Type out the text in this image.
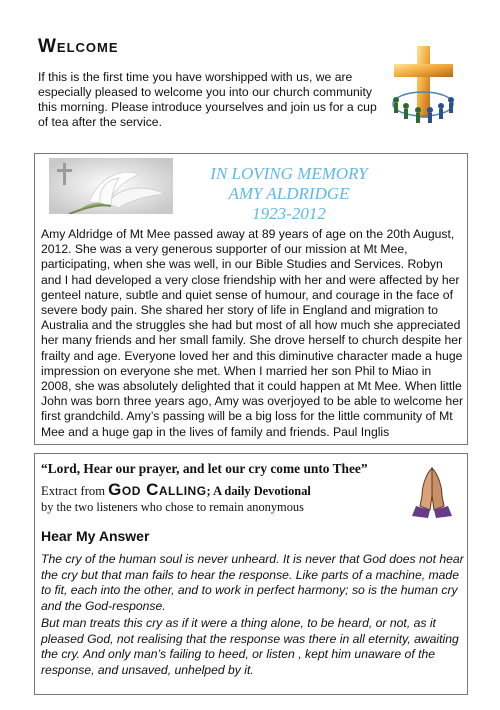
Welcome

If this is the first time you have worshipped with us, we are especially pleased to welcome you into our church community this morning. Please introduce yourselves and join us for a cup of tea after the service.

IN LOVING MEMORY
AMY ALDRIDGE
1923-2012

Amy Aldridge of Mt Mee passed away at 89 years of age on the 20th August, 2012. She was a very generous supporter of our mission at Mt Mee, participating, when she was well, in our Bible Studies and Services. Robyn and I had developed a very close friendship with her and were affected by her genteel nature, subtle and quiet sense of humour, and courage in the face of severe body pain. She shared her story of life in England and migration to Australia and the struggles she had but most of all how much she appreciated her many friends and her small family. She drove herself to church despite her frailty and age. Everyone loved her and this diminutive character made a huge impression on everyone she met. When I married her son Phil to Miao in 2008, she was absolutely delighted that it could happen at Mt Mee. When little John was born three years ago, Amy was overjoyed to be able to welcome her first grandchild. Amy’s passing will be a big loss for the little community of Mt Mee and a huge gap in the lives of family and friends. Paul Inglis

“Lord, Hear our prayer, and let our cry come unto Thee”

Extract from God Calling; A daily Devotional

by the two listeners who chose to remain anonymous

Hear My Answer

The cry of the human soul is never unheard. It is never that God does not hear the cry but that man fails to hear the response. Like parts of a machine, made to fit, each into the other, and to work in perfect harmony; so is the human cry and the God-response.

But man treats this cry as if it were a thing alone, to be heard, or not, as it pleased God, not realising that the response was there in all eternity, awaiting the cry. And only man’s failing to heed, or listen , kept him unaware of the response, and unsaved, unhelped by it.
